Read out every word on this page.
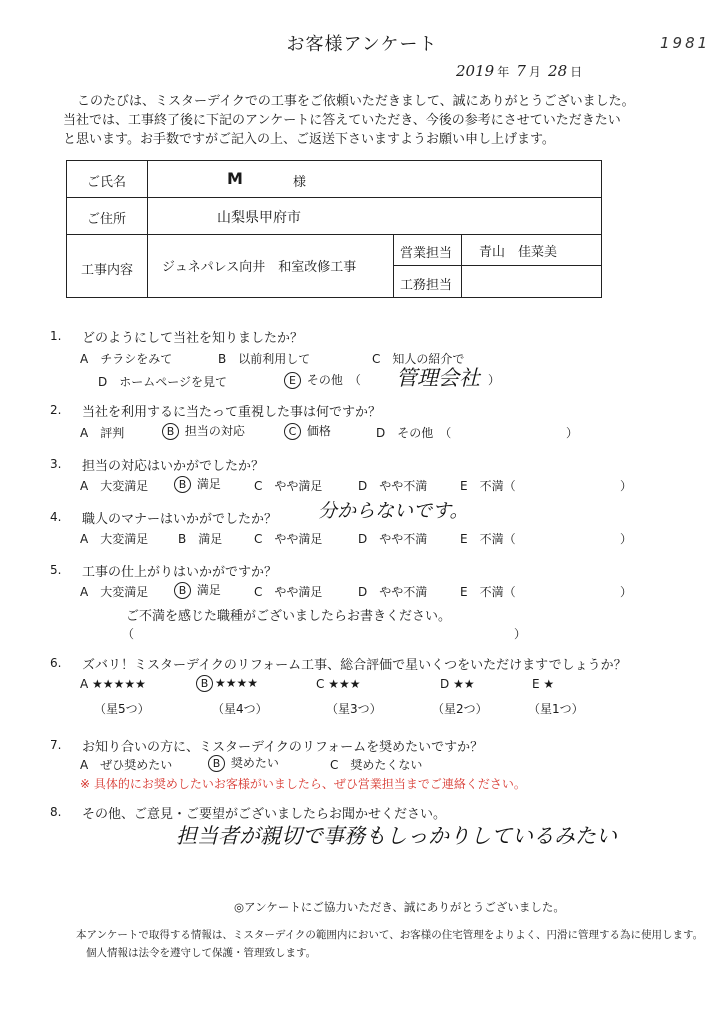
お客様アンケート	1981
2019 年 7 月 28 日
このたびは、ミスターデイクでの工事をご依頼いただきまして、誠にありがとうございました。
当社では、工事終了後に下記のアンケートに答えていただき、今後の参考にさせていただきたい
と思います。お手数ですがご記入の上、ご返送下さいますようお願い申し上げます。
ご氏名	M	様
ご住所	山梨県甲府市
工事内容 ジュネパレス向井　和室改修工事
営業担当 青山　佳菜美
工務担当
1. どのようにして当社を知りましたか？
A　 チラシをみて	B　 以前利用して	C　 知人の紹介で
D　 ホームページを見て	E その他　（ 管理会社 ）
2. 当社を利用するに当たって重視した事は何ですか？
A　 評判	B 担当の対応	C 価格	D　 その他　（	）
3. 担当の対応はいかがでしたか？
A　 大変満足	B 満足	C　 やや満足	D　 やや不満	E　 不満（	）
4. 職人のマナーはいかがでしたか？ 分からないです。
A　 大変満足 B　 満足	C　 やや満足	D　 やや不満	E　 不満（	）
5. 工事の仕上がりはいかがですか？
A　 大変満足	B 満足	C　 やや満足	D　 やや不満	E　 不満（	）
ご不満を感じた職種がございましたらお書きください。
（	）
6. ズバリ！ミスターデイクのリフォーム工事、総合評価で星いくつをいただけますでしょうか？
A ★★★★★	B ★★★★	C ★★★	D ★★	E ★
（星5つ）	（星4つ）	（星3つ）	（星2つ）	（星1つ）
7. お知り合いの方に、ミスターデイクのリフォームを奨めたいですか？
A　 ぜひ奨めたい	B 奨めたい	C　 奨めたくない
※ 具体的にお奨めしたいお客様がいましたら、ぜひ営業担当までご連絡ください。
8. その他、ご意見・ご要望がございましたらお聞かせください。
担当者が親切で事務もしっかりしているみたい
◎アンケートにご協力いただき、誠にありがとうございました。
本アンケートで取得する情報は、ミスターデイクの範囲内において、お客様の住宅管理をよりよく、円滑に管理する為に使用します。
個人情報は法令を遵守して保護・管理致します。
